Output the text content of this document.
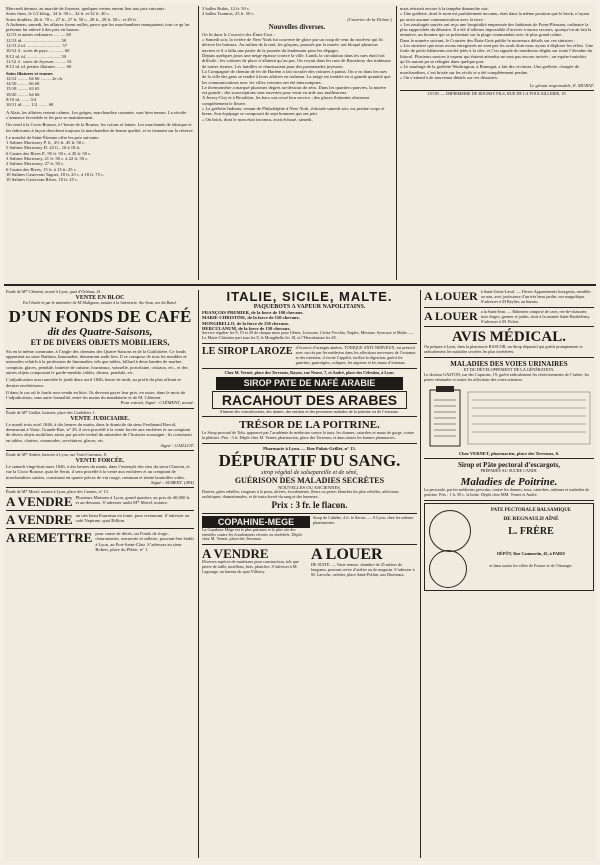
Mercredi dernier, au marché de Joyeuse, quelques ventes eurent lieu aux prix suivants :
Soies fines, le 1/2 kilog., 34 fr. 50 c., 32 fr. et 32 fr. 40 c.
Soies doubles, 26 fr. 70 c., 27 fr., 27 fr. 50 c., 28 fr., 28 fr. 50 c. et 29 fr.
A Aubenas, samedi, les affaires furent nulles, parce que les marchandises manquaient; tout ce qu’on présenta fut enlevé à des prix en hausse.
12/13 et autres ordinaires .......... 60
12/13 id. ................................ 58
12/13 2 id. .............................. 57
10/12 4 . soies de pays ............. 60
8/12 id. id. ............................. 59
11/12 4 . soies de Joyeuse .......... 61
8/12 id. id. petites filatures ........ 60
Soies filatures et trames
12/12 ......... 64 66 ......... 2e ch.
14/16 ......... 66 68
15/18 ......... 63 65
18/20 ......... 64 66
9/10 id. ....... 3/4
10/11 id. ...... 1/2 ........ 68
A Alais, les affaires restent calmes. Les grèges, marchandise courante, sont bien tenues. La récolte s’annonce favorable et les prix se maintiennent.
On vend à la Croix-Rousse, à l’heure de la Bourse, les cotons et laines. Les marchands de fabrique et les fabricants à façon cherchent toujours la marchandise de bonne qualité, et se tiennent sur la réserve.
Le marché de Saint-Étienne offre les prix suivants :
1 Salines Morrissey P. 6., 4½ fr. 45 fr. 50 c.
5 Salines Morrissey D. 24 G., 16 à 18 fr.
6 Cautes des Rives P., 95 fr. 50 c. à 45 fr. 50 c.
3 Salines Morrissey, 21 fr. 50 c. à 22 fr. 50 c.
2 Salines Morrissey, 27 fr. 50 c.
6 Cautes des Rives, 15 fr. à 15 fr. 25 c.
10 Salines Castevran Taguet, 18 fr. 25 c. à 18 fr. 75 c.
10 Salines Castevran Rives, 10 fr. 25 c.
3 balles Rubis, 12 fr. 50 c.
2 balles Trunmis, 25 fr. 50 c.
(Courrier de la Drôme.)
Nouvelles diverses.
On lit dans le Courrier des États-Unis :
« Samedi soir, la rivière de New-York fut couverte de glace par un coup de vent du nord-est qui fit dériver les bateaux. Au milieu de la nuit, les glaçons, poussés par la marée, ont bloqué plusieurs navires et il a fallu une partie de la journée du lendemain pour les dégager.
Depuis quelques jours une neige épaisse couvre la ville. Lundi, la circulation dans les rues était fort difficile ; les voitures de place n’allaient qu’au pas. On voyait dans les rues de Broadway des traîneaux de toutes formes. Les familles se réunissaient pour des promenades joyeuses.
La Compagnie de chemin de fer de Harlem a fait circuler des voitures à patins. On a vu dans les rues de la ville des gens se rendre à leurs affaires en traîneau. La neige est tombée en si grande quantité que les communications avec les villes voisines ont été interrompues.
Le thermomètre a marqué plusieurs degrés au-dessous de zéro. Dans les quartiers pauvres, la misère est grande ; des souscriptions sont ouvertes pour venir en aide aux malheureux.
A Jersey-City et à Brooklyn, les bacs ont cessé leur service ; des glaces flottantes obstruent complètement le fleuve.
« La goélette Indiana, venant de Philadelphie à New-York, échouée samedi soir, est perdue corps et biens. Son équipage se composait de sept hommes qui ont péri.
« On brick, dont le nom était inconnu, avait échoué, samedi,
mais résistait encore à la tempête dimanche soir.
« Une goélette, dont le nom est parfaitement inconnu, était dans la même position que le brick, n’ayant pu avoir aucune communication avec la terre.
« Les naufragés sauvés ont reçu une hospitalité empressée des habitants de Point-Pleasant, ordinaire la plus rapprochée du désastre. Il a été d’ailleurs impossible d’arriver à aucun secours, quoiqu’on ait fait la tentative, un homme qui se présentait sur la plage commandait avec le plus grand calme.
Dans le numéro suivant, le Courrier des États-Unis publie le nouveaux détails sur ces sinistres :
« Les sinistres que nous avons enregistrés ne sont pas les seuls dont nous ayons à déplorer les effets. Une foule de petits bâtiments ont été jetés à la côte, et l’on signale de nombreux dégâts sur toute l’étendue du littoral. Plusieurs navires à vapeur qui étaient attendus ne sont pas encore arrivés ; on espère toutefois qu’ils auront pu se réfugier dans quelque port.
« Le naufrage de la goélette Washington, à Barnegat, a fait dix victimes. Une goélette, chargée de marchandises, s’est brisée sur les récifs et a été complètement perdue.
« On s’attend à de nouveaux détails sur ces désastres.
Le gérant responsable, E. MURAT.
LYON. — IMPRIMERIE DE BOURSY FILS, RUE DE LA POULAILLERIE, 19.
Étude de M* Clément, avoué à Lyon, quai d’Orléans, 41.
VENTE EN BLOC
En l’étude et par le ministère de M Malignon, notaire à la faïencerie. Sis-Jean, rue du Bœuf.
D’UN FONDS DE CAFÉ
dit des Quatre-Saisons,
ET DE DIVERS OBJETS MOBILIERS,
Sis en la même commune, à l’angle des chemins des Quatre-Saisons et de la Guillotière. Ce fonds appartient au sieur Rathion, limonadier, demeurant audit lieu. Il se compose de tous les meubles et ustensiles relatifs à la profession de limonadier, tels que tables, billard à deux bandes de marbre, comptoir, glaces, pendule, batterie de cuisine, fourneaux, vaisselle, porcelaine, cristaux, etc., et des autres objets composant le garde-meuble, tables, divans, pendule, etc.
L’adjudication sera tranchée le jeudi deux avril 1846, heure de midi, au profit du plus offrant et dernier enchérisseur.
Il dans le cas où le fonds sera vendu en bloc. Ils devront payer leur prix, en outre, dans le mois de l’adjudication, sans autre formalité, entre les mains du mandataire et de M. Clément.
Pour extrait, Signé : CLÉMENT, avoué.
Étude de M* Gaillot, huissier, place des Cordeliers 1.
VENTE JUDICIAIRE.
Le mardi trois avril 1846, à dix heures du matin, dans le domicile du sieur Ferdinand Bavoil, demeurant à Vaise, Grande-Rue, n° 29, il sera procédé à la vente forcée aux enchères et au comptant de divers objets mobiliers saisis par procès-verbal du ministère de l’huissier soussigné ; ils consistent en tables, chaises, commodes, secrétaires, glaces, etc.
Signé : GAILLOT.
Étude de M* Aubert, huissier à Lyon, rue Trois-Carreaux, 8.
VENTE FORCÉE.
Le samedi vingt-huit mars 1846, à dix heures du matin, dans l’entrepôt des vins du sieur Charvin, et rue la Croix-Rousse, quai de Serin, il sera procédé à la vente aux enchères et au comptant de marchandises saisies, consistant en quatre pièces de vin rouge, commun et trente bouteilles vides.
Signé : AUBERT. (494)
Étude de M* Morel, notaire à Lyon, place des Carmes, n° 13.
A VENDRE Plusieurs Maisons à Lyon, grand quartier, au prix de 40,000 fr. et au-dessous. S’adresser audit M* Morel, notaire.
A VENDRE un très beau Fourneau en fonte, pour restaurant. S’adresser au café Neptune, quai Billion.
A REMETTRE pour cause de décès, un Fonds de forge, charronnerie, serrurerie et sellerie, pouvant être établi à Lyon, au Port-Saint-Clair. S’adresser au sieur Robert, place du Plâtre, n° 1.
ITALIE, SICILE, MALTE.
PAQUEBOTS A VAPEUR NAPOLITAINS.
FRANÇOIS PREMIER, de la force de 100 chevaux.
MARIE-CHRISTINE, de la force de 150 chevaux.
MONGIBELLO, de la force de 150 chevaux.
HERCULANUM, de la force de 150 chevaux.
Service régulier les 9, 19 et 29 de chaque mois pour Gênes, Livourne, Civita-Vecchia, Naples, Messine, Syracuse et Malte. — Le Marie-Christine part tous les 8, le Mongibello les 18, et l’Herculanum les 28.
LE SIROP LAROZE d’écorces d’oranges amères, TONIQUE ANTI-NERVEUX, est prescrit avec succès par les médecins dans les affections nerveuses de l’estomac et des intestins; il excite l’appétit, facilite la digestion, guérit les gastrites, gastralgies, coliques, les aigreurs et les maux d’estomac.
Chez M. Vernet, place des Terreaux, Rayon, rue Neuve, 7, et André, place des Célestins, à Lyon.
SIROP PATE DE NAFÉ ARABIE
RACAHOUT DES ARABES
Aliment des convalescents, des dames, des enfants et des personnes malades de la poitrine ou de l’estomac.
TRÉSOR DE LA POITRINE.
Le Sirop pectoral de Tolu, approuvé par l’académie de médecine contre la toux, les rhumes, catarrhes et maux de gorge, contre la phthisie. Prix : 3 fr. Dépôt chez M. Vernet, pharmacien, place des Terreaux, et dans toutes les bonnes pharmacies.
Pharmacie à Lyon. — Rue Palais-Grillet, n° 13.
DÉPURATIF DU SANG.
sirop végétal de salsepareille et de séné,
GUÉRISON DES MALADIES SECRÈTES
NOUVELLES OU ANCIENNES,
Dartres, gales rebelles, rougeurs à la peau, ulcères, écoulements, fleurs ou pertes blanches les plus rebelles, affections rachitiques, rhumatismales, et de toute âcreté du sang et des humeurs.
Prix : 3 fr. le flacon.
COPAHINE-MEGE
La Copahine Mège est le plus puissant et le plus sûr des remèdes contre les écoulements récents ou invétérés. Dépôt chez M. Vernet, place des Terreaux.
Sirop de Cubèbe, 4 fr. le flacon. — A Lyon, chez les mêmes pharmaciens.
A VENDRE
Diverses espèces de matériaux pour construction, tels que pierre de taille, moellons, bois, planches. S’adresser à M. Lagrange, au bureau du quai Villeroy.
A LOUER
DE SUITE. — Vaste remise, chambre de 25 mètres de longueur, pouvant servir d’atelier ou de magasin. S’adresser à M. Laroche, cafetier, place Saint-Pothin, aux Brotteaux.
A LOUER à Saint-Genis-Laval. — Divers Appartements bourgeois, meublés ou non, avec jouissance d’un très beau jardin, vue magnifique. S’adresser à M Beylier, au bureau.
A LOUER a la Saint-Jean. — Bâtiment composé de cave, rez-de-chaussée, trois étages, grenier et jardin, situé à la montée Saint-Barthélemy. S’adresser à M. Fichet.
AVIS MÉDICAL.
On prépare à Lyon, dans la pharmacie BASCOB, un Sirop dépuratif qui guérit promptement et radicalement les maladies secrètes les plus invétérées.
MALADIES DES VOIES URINAIRES
ET DU DÉVELOPPEMENT DE LA GÉNÉRATION.
Le docteur GASTON, rue des Capucins, 19, guérit radicalement les rétrécissements de l’urètre, les pertes séminales et toutes les affections des voies urinaires.
Chez VERNET, pharmacien, place des Terreaux, 6.
Sirop et Pâte pectoral d’escargots,
PRÉPARÉS AU SUCRE CANDI.
Maladies de Poitrine.
La pectorale, par les médecins prescrite, contre les rhumes, toux, catarrhes, asthmes et maladies de poitrine. Prix : 1 fr. 50 c. la boîte. Dépôt chez MM. Vernet et André.
PATE PECTORALE BALSAMIQUE
DE REGNAULD AÎNÉ
L. FRÈRE
DÉPÔT, Rue Caumartin, 45, à PARIS
et dans toutes les villes de France et de l’étranger.
